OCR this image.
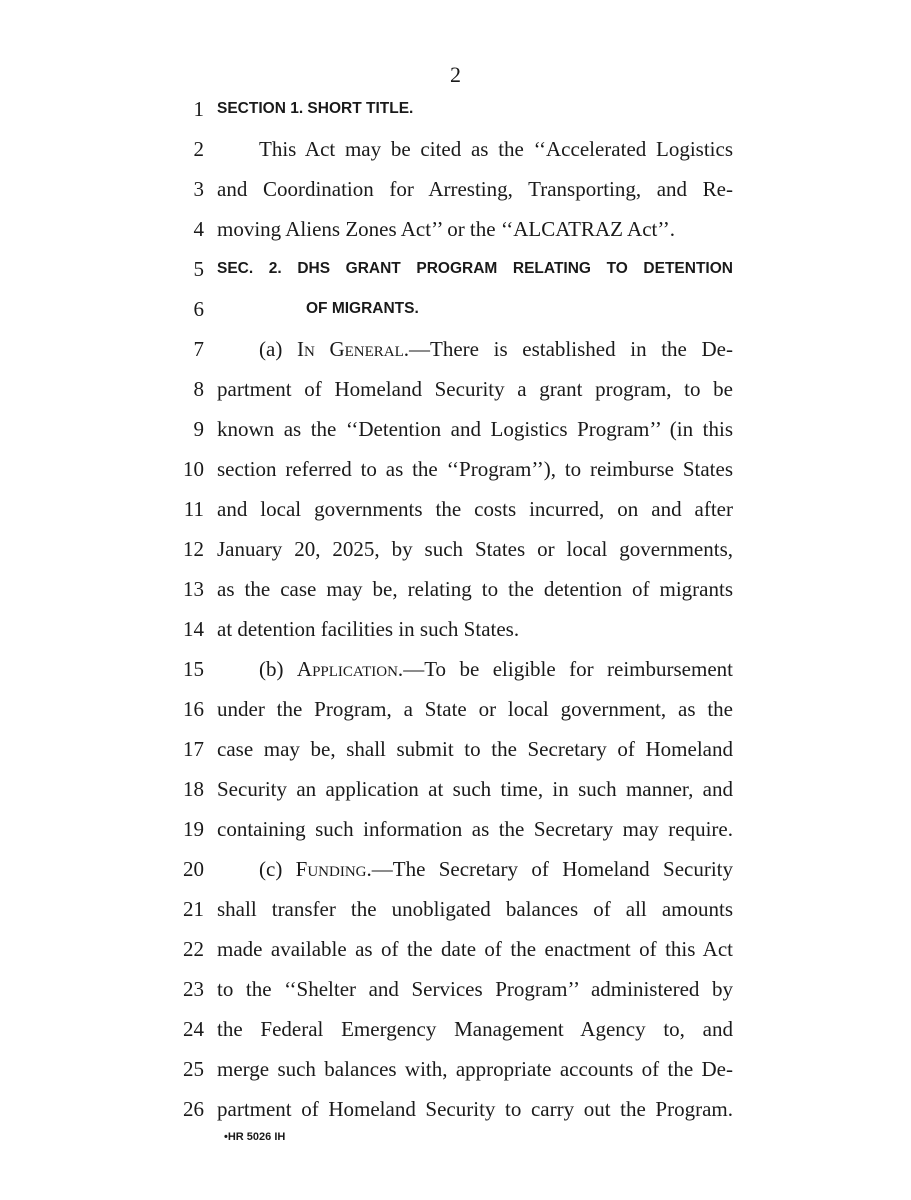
2
1 SECTION 1. SHORT TITLE.
2	This Act may be cited as the ‘‘Accelerated Logistics
3 and Coordination for Arresting, Transporting, and Re-
4 moving Aliens Zones Act’’ or the ‘‘ALCATRAZ Act’’.
5 SEC. 2. DHS GRANT PROGRAM RELATING TO DETENTION
6	OF MIGRANTS.
7	(a) In General.—There is established in the De-
8 partment of Homeland Security a grant program, to be
9 known as the ‘‘Detention and Logistics Program’’ (in this
10 section referred to as the ‘‘Program’’), to reimburse States
11 and local governments the costs incurred, on and after
12 January 20, 2025, by such States or local governments,
13 as the case may be, relating to the detention of migrants
14 at detention facilities in such States.
15	(b) Application.—To be eligible for reimbursement
16 under the Program, a State or local government, as the
17 case may be, shall submit to the Secretary of Homeland
18 Security an application at such time, in such manner, and
19 containing such information as the Secretary may require.
20	(c) Funding.—The Secretary of Homeland Security
21 shall transfer the unobligated balances of all amounts
22 made available as of the date of the enactment of this Act
23 to the ‘‘Shelter and Services Program’’ administered by
24 the Federal Emergency Management Agency to, and
25 merge such balances with, appropriate accounts of the De-
26 partment of Homeland Security to carry out the Program.
•HR 5026 IH
